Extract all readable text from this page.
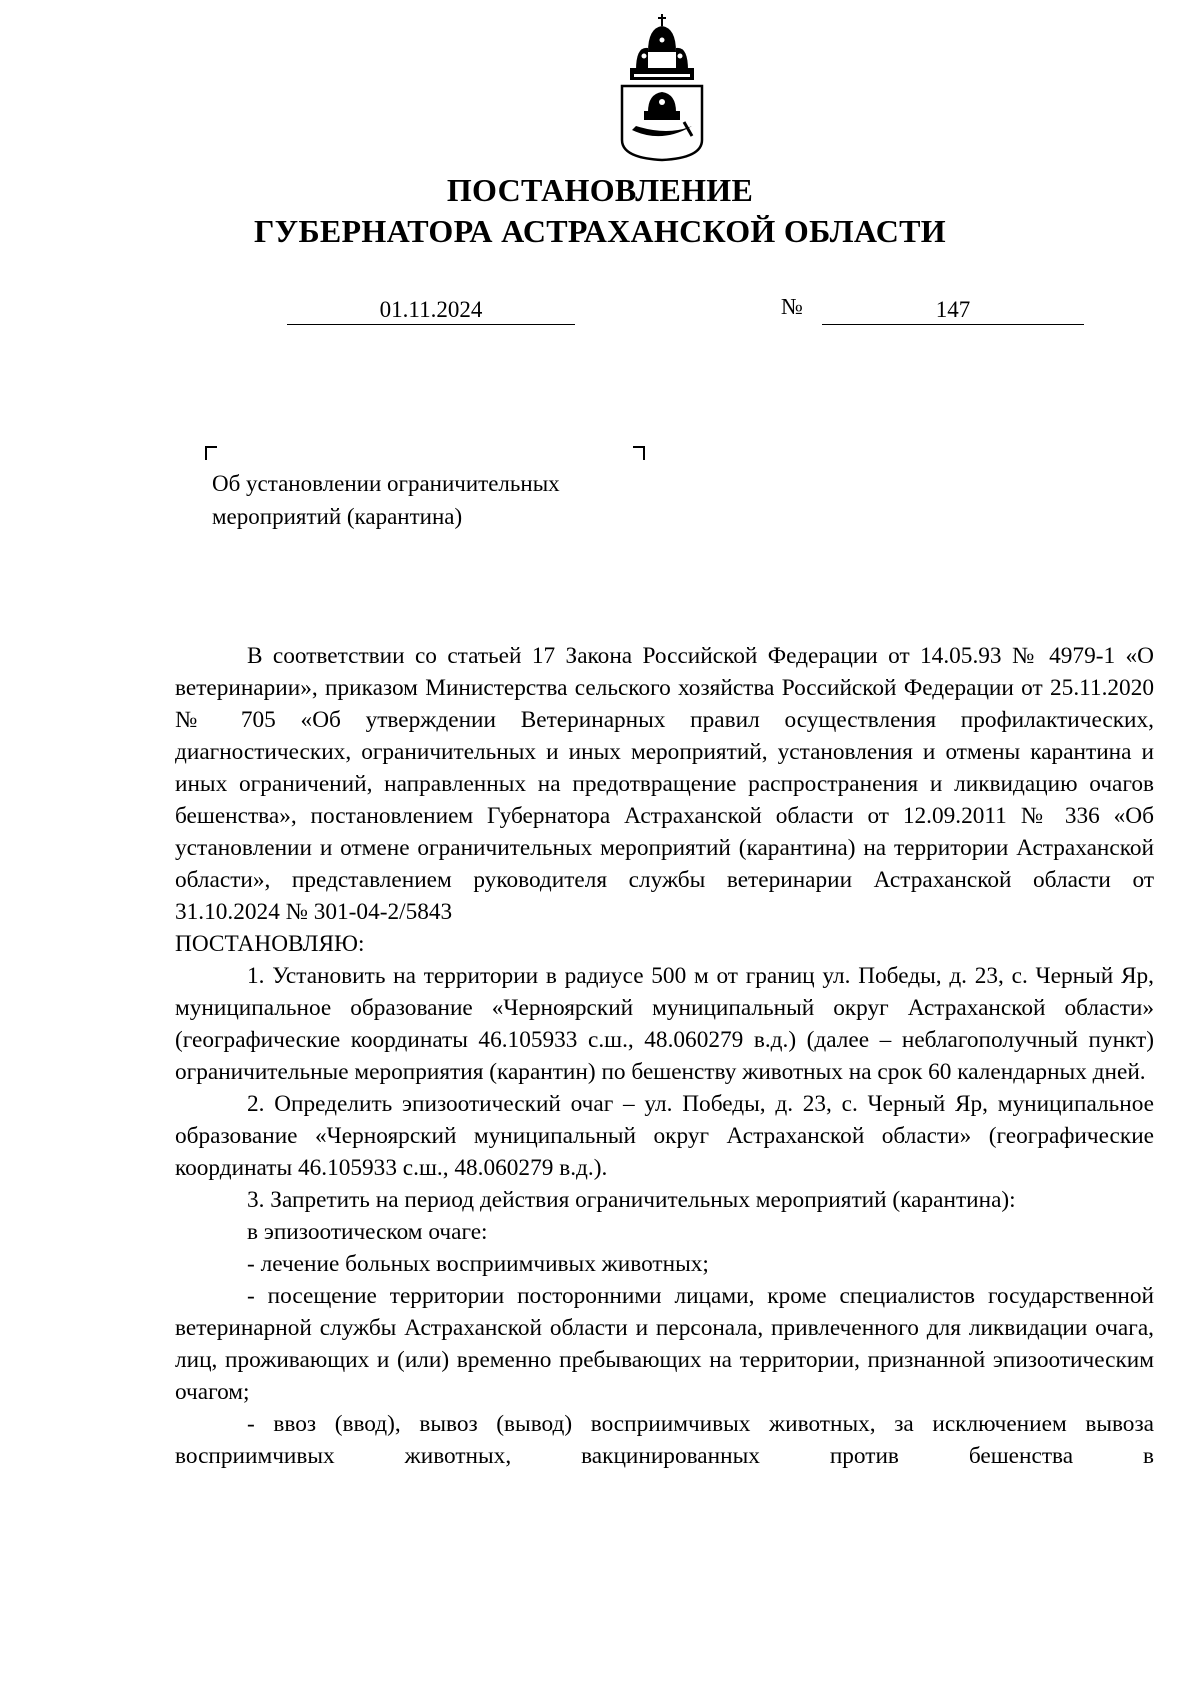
ПОСТАНОВЛЕНИЕ
ГУБЕРНАТОРА АСТРАХАНСКОЙ ОБЛАСТИ
01.11.2024	№	147
Об установлении ограничительных
мероприятий (карантина)

В соответствии со статьей 17 Закона Российской Федерации от 14.05.93 № 4979-1 «О ветеринарии», приказом Министерства сельского хозяйства Российской Федерации от 25.11.2020 № 705 «Об утверждении Ветеринарных правил осуществления профилактических, диагностических, ограничительных и иных мероприятий, установления и отмены карантина и иных ограничений, направленных на предотвращение распространения и ликвидацию очагов бешенства», постановлением Губернатора Астраханской области от 12.09.2011 № 336 «Об установлении и отмене ограничительных мероприятий (карантина) на территории Астраханской области», представлением руководителя службы ветеринарии Астраханской области от 31.10.2024 № 301-04-2/5843

ПОСТАНОВЛЯЮ:

1. Установить на территории в радиусе 500 м от границ ул. Победы, д. 23, с. Черный Яр, муниципальное образование «Черноярский муниципальный округ Астраханской области» (географические координаты 46.105933 с.ш., 48.060279 в.д.) (далее – неблагополучный пункт) ограничительные мероприятия (карантин) по бешенству животных на срок 60 календарных дней.

2. Определить эпизоотический очаг – ул. Победы, д. 23, с. Черный Яр, муниципальное образование «Черноярский муниципальный округ Астраханской области» (географические координаты 46.105933 с.ш., 48.060279 в.д.).

3. Запретить на период действия ограничительных мероприятий (карантина):

в эпизоотическом очаге:

- лечение больных восприимчивых животных;

- посещение территории посторонними лицами, кроме специалистов государственной ветеринарной службы Астраханской области и персонала, привлеченного для ликвидации очага, лиц, проживающих и (или) временно пребывающих на территории, признанной эпизоотическим очагом;

- ввоз (ввод), вывоз (вывод) восприимчивых животных, за исключением вывоза восприимчивых животных, вакцинированных против бешенства в
